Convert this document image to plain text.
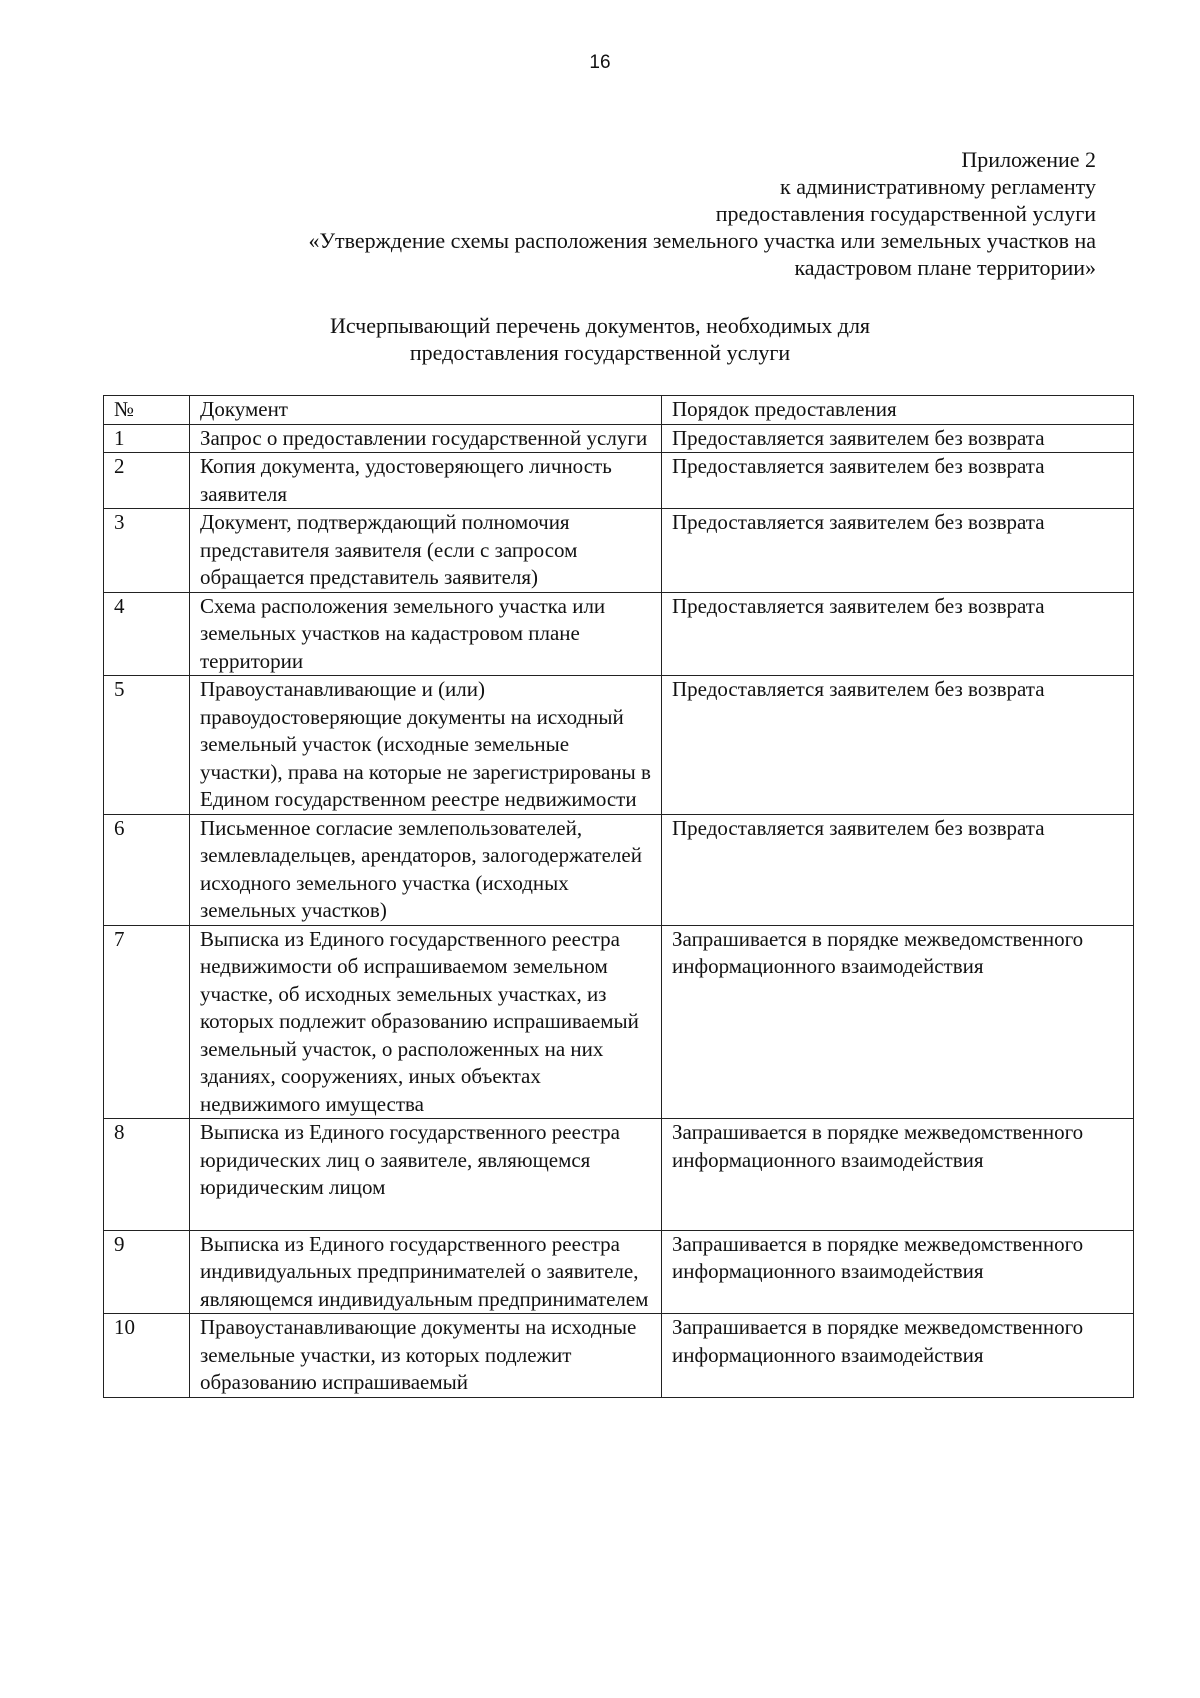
16
Приложение 2
к административному регламенту
предоставления государственной услуги
«Утверждение схемы расположения земельного участка или земельных участков на
кадастровом плане территории»
Исчерпывающий перечень документов, необходимых для
предоставления государственной услуги
№	Документ	Порядок предоставления
1	Запрос о предоставлении государственной услуги	Предоставляется заявителем без возврата
2	Копия документа, удостоверяющего личность заявителя	Предоставляется заявителем без возврата
3	Документ, подтверждающий полномочия представителя заявителя (если с запросом обращается представитель заявителя)	Предоставляется заявителем без возврата
4	Схема расположения земельного участка или земельных участков на кадастровом плане территории	Предоставляется заявителем без возврата
5	Правоустанавливающие и (или) правоудостоверяющие документы на исходный земельный участок (исходные земельные участки), права на которые не зарегистрированы в Едином государственном реестре недвижимости	Предоставляется заявителем без возврата
6	Письменное согласие землепользователей, землевладельцев, арендаторов, залогодержателей исходного земельного участка (исходных земельных участков)	Предоставляется заявителем без возврата
7	Выписка из Единого государственного реестра недвижимости об испрашиваемом земельном участке, об исходных земельных участках, из которых подлежит образованию испрашиваемый земельный участок, о расположенных на них зданиях, сооружениях, иных объектах недвижимого имущества	Запрашивается в порядке межведомственного информационного взаимодействия
8	Выписка из Единого государственного реестра юридических лиц о заявителе, являющемся юридическим лицом	Запрашивается в порядке межведомственного информационного взаимодействия
9	Выписка из Единого государственного реестра индивидуальных предпринимателей о заявителе, являющемся индивидуальным предпринимателем	Запрашивается в порядке межведомственного информационного взаимодействия
10	Правоустанавливающие документы на исходные земельные участки, из которых подлежит образованию испрашиваемый	Запрашивается в порядке межведомственного информационного взаимодействия
